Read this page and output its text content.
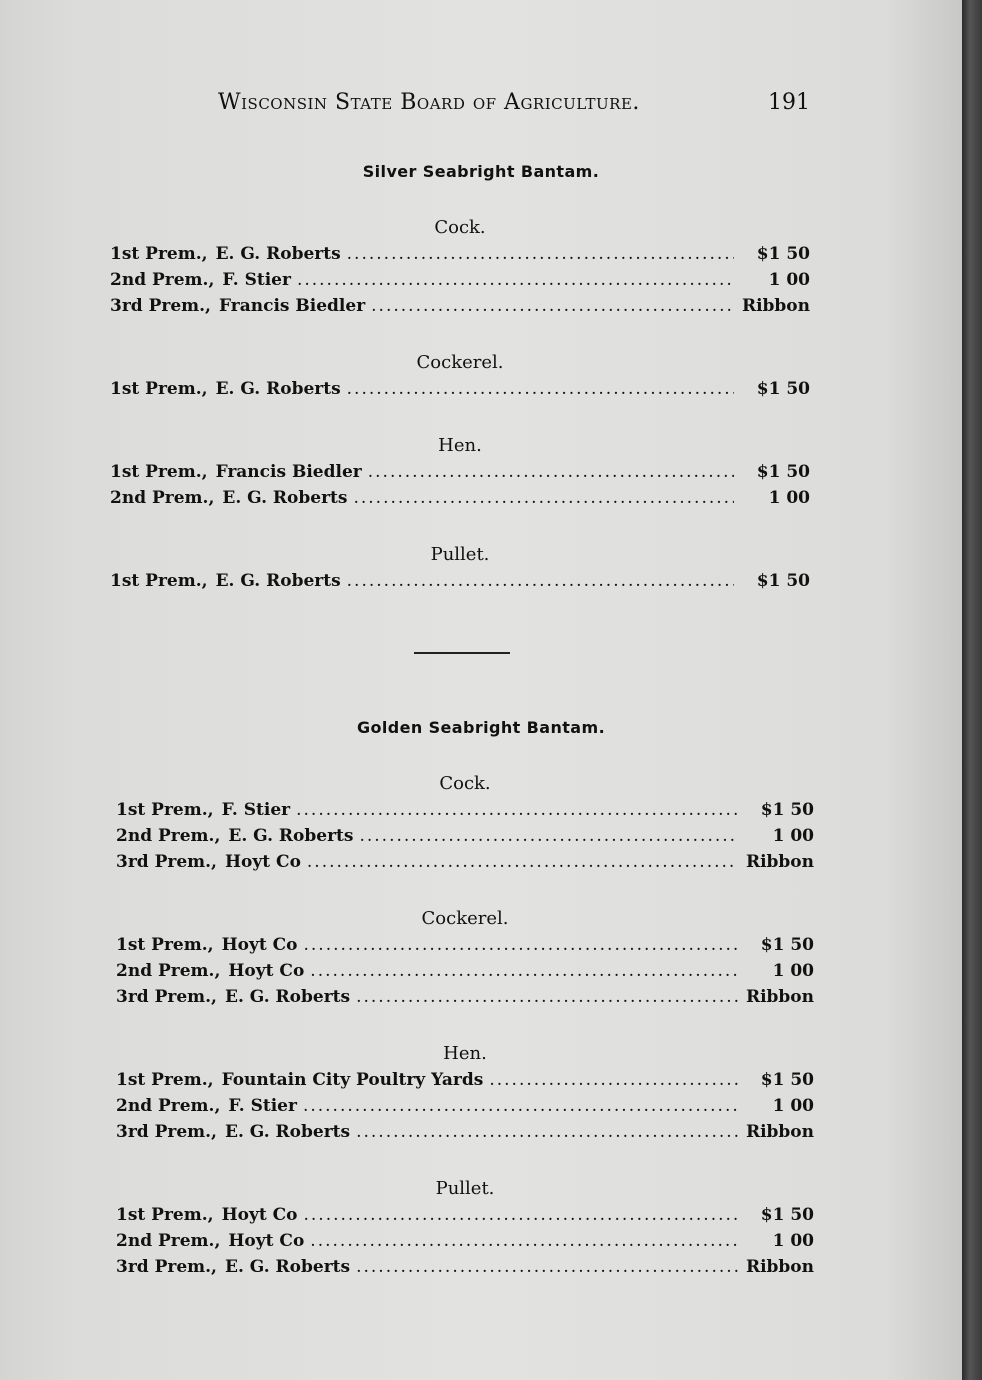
Wisconsin State Board of Agriculture.	191
Silver Seabright Bantam.
Cock.
1st Prem., E. G. Roberts .....	$1 50
2nd Prem., F. Stier .....	1 00
3rd Prem., Francis Biedler .....	Ribbon
Cockerel.
1st Prem., E. G. Roberts .....	$1 50
Hen.
1st Prem., Francis Biedler .....	$1 50
2nd Prem., E. G. Roberts .....	1 00
Pullet.
1st Prem., E. G. Roberts .....	$1 50
Golden Seabright Bantam.
Cock.
1st Prem., F. Stier .....	$1 50
2nd Prem., E. G. Roberts .....	1 00
3rd Prem., Hoyt Co .....	Ribbon
Cockerel.
1st Prem., Hoyt Co .....	$1 50
2nd Prem., Hoyt Co .....	1 00
3rd Prem., E. G. Roberts .....	Ribbon
Hen.
1st Prem., Fountain City Poultry Yards .....	$1 50
2nd Prem., F. Stier .....	1 00
3rd Prem., E. G. Roberts .....	Ribbon
Pullet.
1st Prem., Hoyt Co .....	$1 50
2nd Prem., Hoyt Co .....	1 00
3rd Prem., E. G. Roberts .....	Ribbon
